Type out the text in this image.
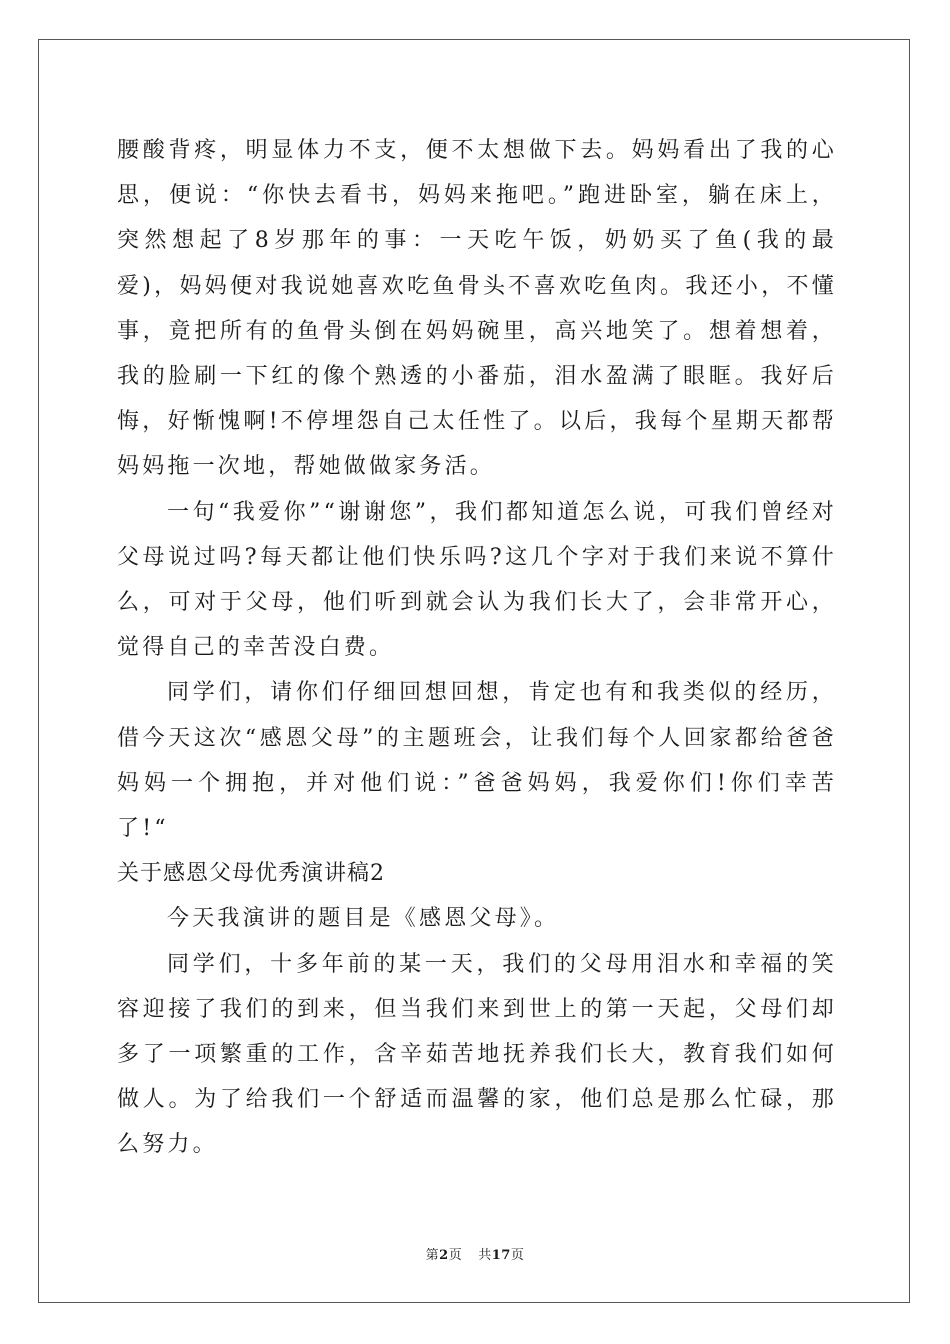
腰酸背疼，明显体力不支，便不太想做下去。妈妈看出了我的心思，便说：“你快去看书，妈妈来拖吧。”跑进卧室，躺在床上，突然想起了8岁那年的事：一天吃午饭，奶奶买了鱼(我的最爱)，妈妈便对我说她喜欢吃鱼骨头不喜欢吃鱼肉。我还小，不懂事，竟把所有的鱼骨头倒在妈妈碗里，高兴地笑了。想着想着，我的脸刷一下红的像个熟透的小番茄，泪水盈满了眼眶。我好后悔，好惭愧啊!不停埋怨自己太任性了。以后，我每个星期天都帮妈妈拖一次地，帮她做做家务活。

一句“我爱你”“谢谢您”，我们都知道怎么说，可我们曾经对父母说过吗?每天都让他们快乐吗?这几个字对于我们来说不算什么，可对于父母，他们听到就会认为我们长大了，会非常开心，觉得自己的幸苦没白费。

同学们，请你们仔细回想回想，肯定也有和我类似的经历，借今天这次“感恩父母”的主题班会，让我们每个人回家都给爸爸妈妈一个拥抱，并对他们说：”爸爸妈妈，我爱你们!你们幸苦了!“

关于感恩父母优秀演讲稿2

今天我演讲的题目是《感恩父母》。

同学们，十多年前的某一天，我们的父母用泪水和幸福的笑容迎接了我们的到来，但当我们来到世上的第一天起，父母们却多了一项繁重的工作，含辛茹苦地抚养我们长大，教育我们如何做人。为了给我们一个舒适而温馨的家，他们总是那么忙碌，那么努力。

第2页 共17页
